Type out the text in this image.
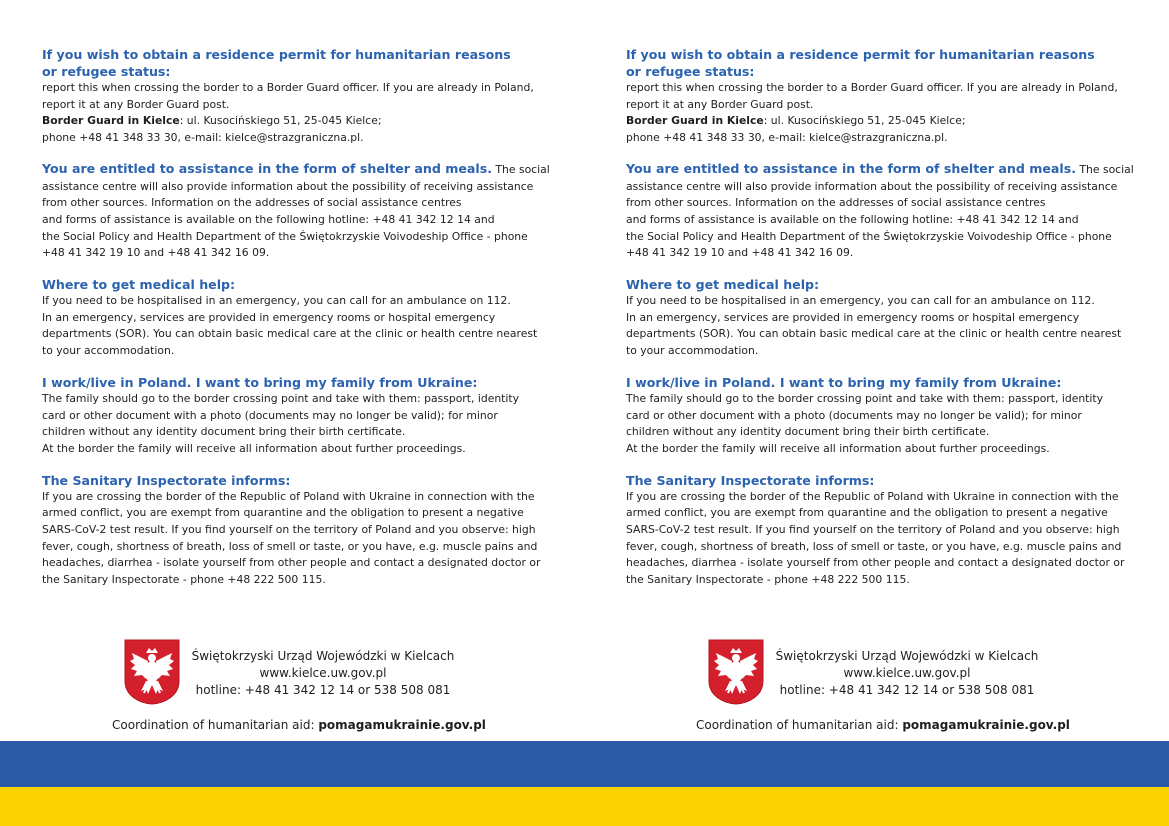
If you wish to obtain a residence permit for humanitarian reasons
or refugee status:
report this when crossing the border to a Border Guard officer. If you are already in Poland,
report it at any Border Guard post.
Border Guard in Kielce: ul. Kusocińskiego 51, 25-045 Kielce;
phone +48 41 348 33 30, e-mail: kielce@strazgraniczna.pl.
You are entitled to assistance in the form of shelter and meals. The social
assistance centre will also provide information about the possibility of receiving assistance
from other sources. Information on the addresses of social assistance centres
and forms of assistance is available on the following hotline: +48 41 342 12 14 and
the Social Policy and Health Department of the Świętokrzyskie Voivodeship Office - phone
+48 41 342 19 10 and +48 41 342 16 09.
Where to get medical help:
If you need to be hospitalised in an emergency, you can call for an ambulance on 112.
In an emergency, services are provided in emergency rooms or hospital emergency
departments (SOR). You can obtain basic medical care at the clinic or health centre nearest
to your accommodation.
I work/live in Poland. I want to bring my family from Ukraine:
The family should go to the border crossing point and take with them: passport, identity
card or other document with a photo (documents may no longer be valid); for minor
children without any identity document bring their birth certificate.
At the border the family will receive all information about further proceedings.
The Sanitary Inspectorate informs:
If you are crossing the border of the Republic of Poland with Ukraine in connection with the
armed conflict, you are exempt from quarantine and the obligation to present a negative
SARS-CoV-2 test result. If you find yourself on the territory of Poland and you observe: high
fever, cough, shortness of breath, loss of smell or taste, or you have, e.g. muscle pains and
headaches, diarrhea - isolate yourself from other people and contact a designated doctor or
the Sanitary Inspectorate - phone +48 222 500 115.
If you wish to obtain a residence permit for humanitarian reasons
or refugee status:
report this when crossing the border to a Border Guard officer. If you are already in Poland,
report it at any Border Guard post.
Border Guard in Kielce: ul. Kusocińskiego 51, 25-045 Kielce;
phone +48 41 348 33 30, e-mail: kielce@strazgraniczna.pl.
You are entitled to assistance in the form of shelter and meals. The social
assistance centre will also provide information about the possibility of receiving assistance
from other sources. Information on the addresses of social assistance centres
and forms of assistance is available on the following hotline: +48 41 342 12 14 and
the Social Policy and Health Department of the Świętokrzyskie Voivodeship Office - phone
+48 41 342 19 10 and +48 41 342 16 09.
Where to get medical help:
If you need to be hospitalised in an emergency, you can call for an ambulance on 112.
In an emergency, services are provided in emergency rooms or hospital emergency
departments (SOR). You can obtain basic medical care at the clinic or health centre nearest
to your accommodation.
I work/live in Poland. I want to bring my family from Ukraine:
The family should go to the border crossing point and take with them: passport, identity
card or other document with a photo (documents may no longer be valid); for minor
children without any identity document bring their birth certificate.
At the border the family will receive all information about further proceedings.
The Sanitary Inspectorate informs:
If you are crossing the border of the Republic of Poland with Ukraine in connection with the
armed conflict, you are exempt from quarantine and the obligation to present a negative
SARS-CoV-2 test result. If you find yourself on the territory of Poland and you observe: high
fever, cough, shortness of breath, loss of smell or taste, or you have, e.g. muscle pains and
headaches, diarrhea - isolate yourself from other people and contact a designated doctor or
the Sanitary Inspectorate - phone +48 222 500 115.
Świętokrzyski Urząd Wojewódzki w Kielcach
www.kielce.uw.gov.pl
hotline: +48 41 342 12 14 or 538 508 081
Coordination of humanitarian aid: pomagamukrainie.gov.pl
Świętokrzyski Urząd Wojewódzki w Kielcach
www.kielce.uw.gov.pl
hotline: +48 41 342 12 14 or 538 508 081
Coordination of humanitarian aid: pomagamukrainie.gov.pl
